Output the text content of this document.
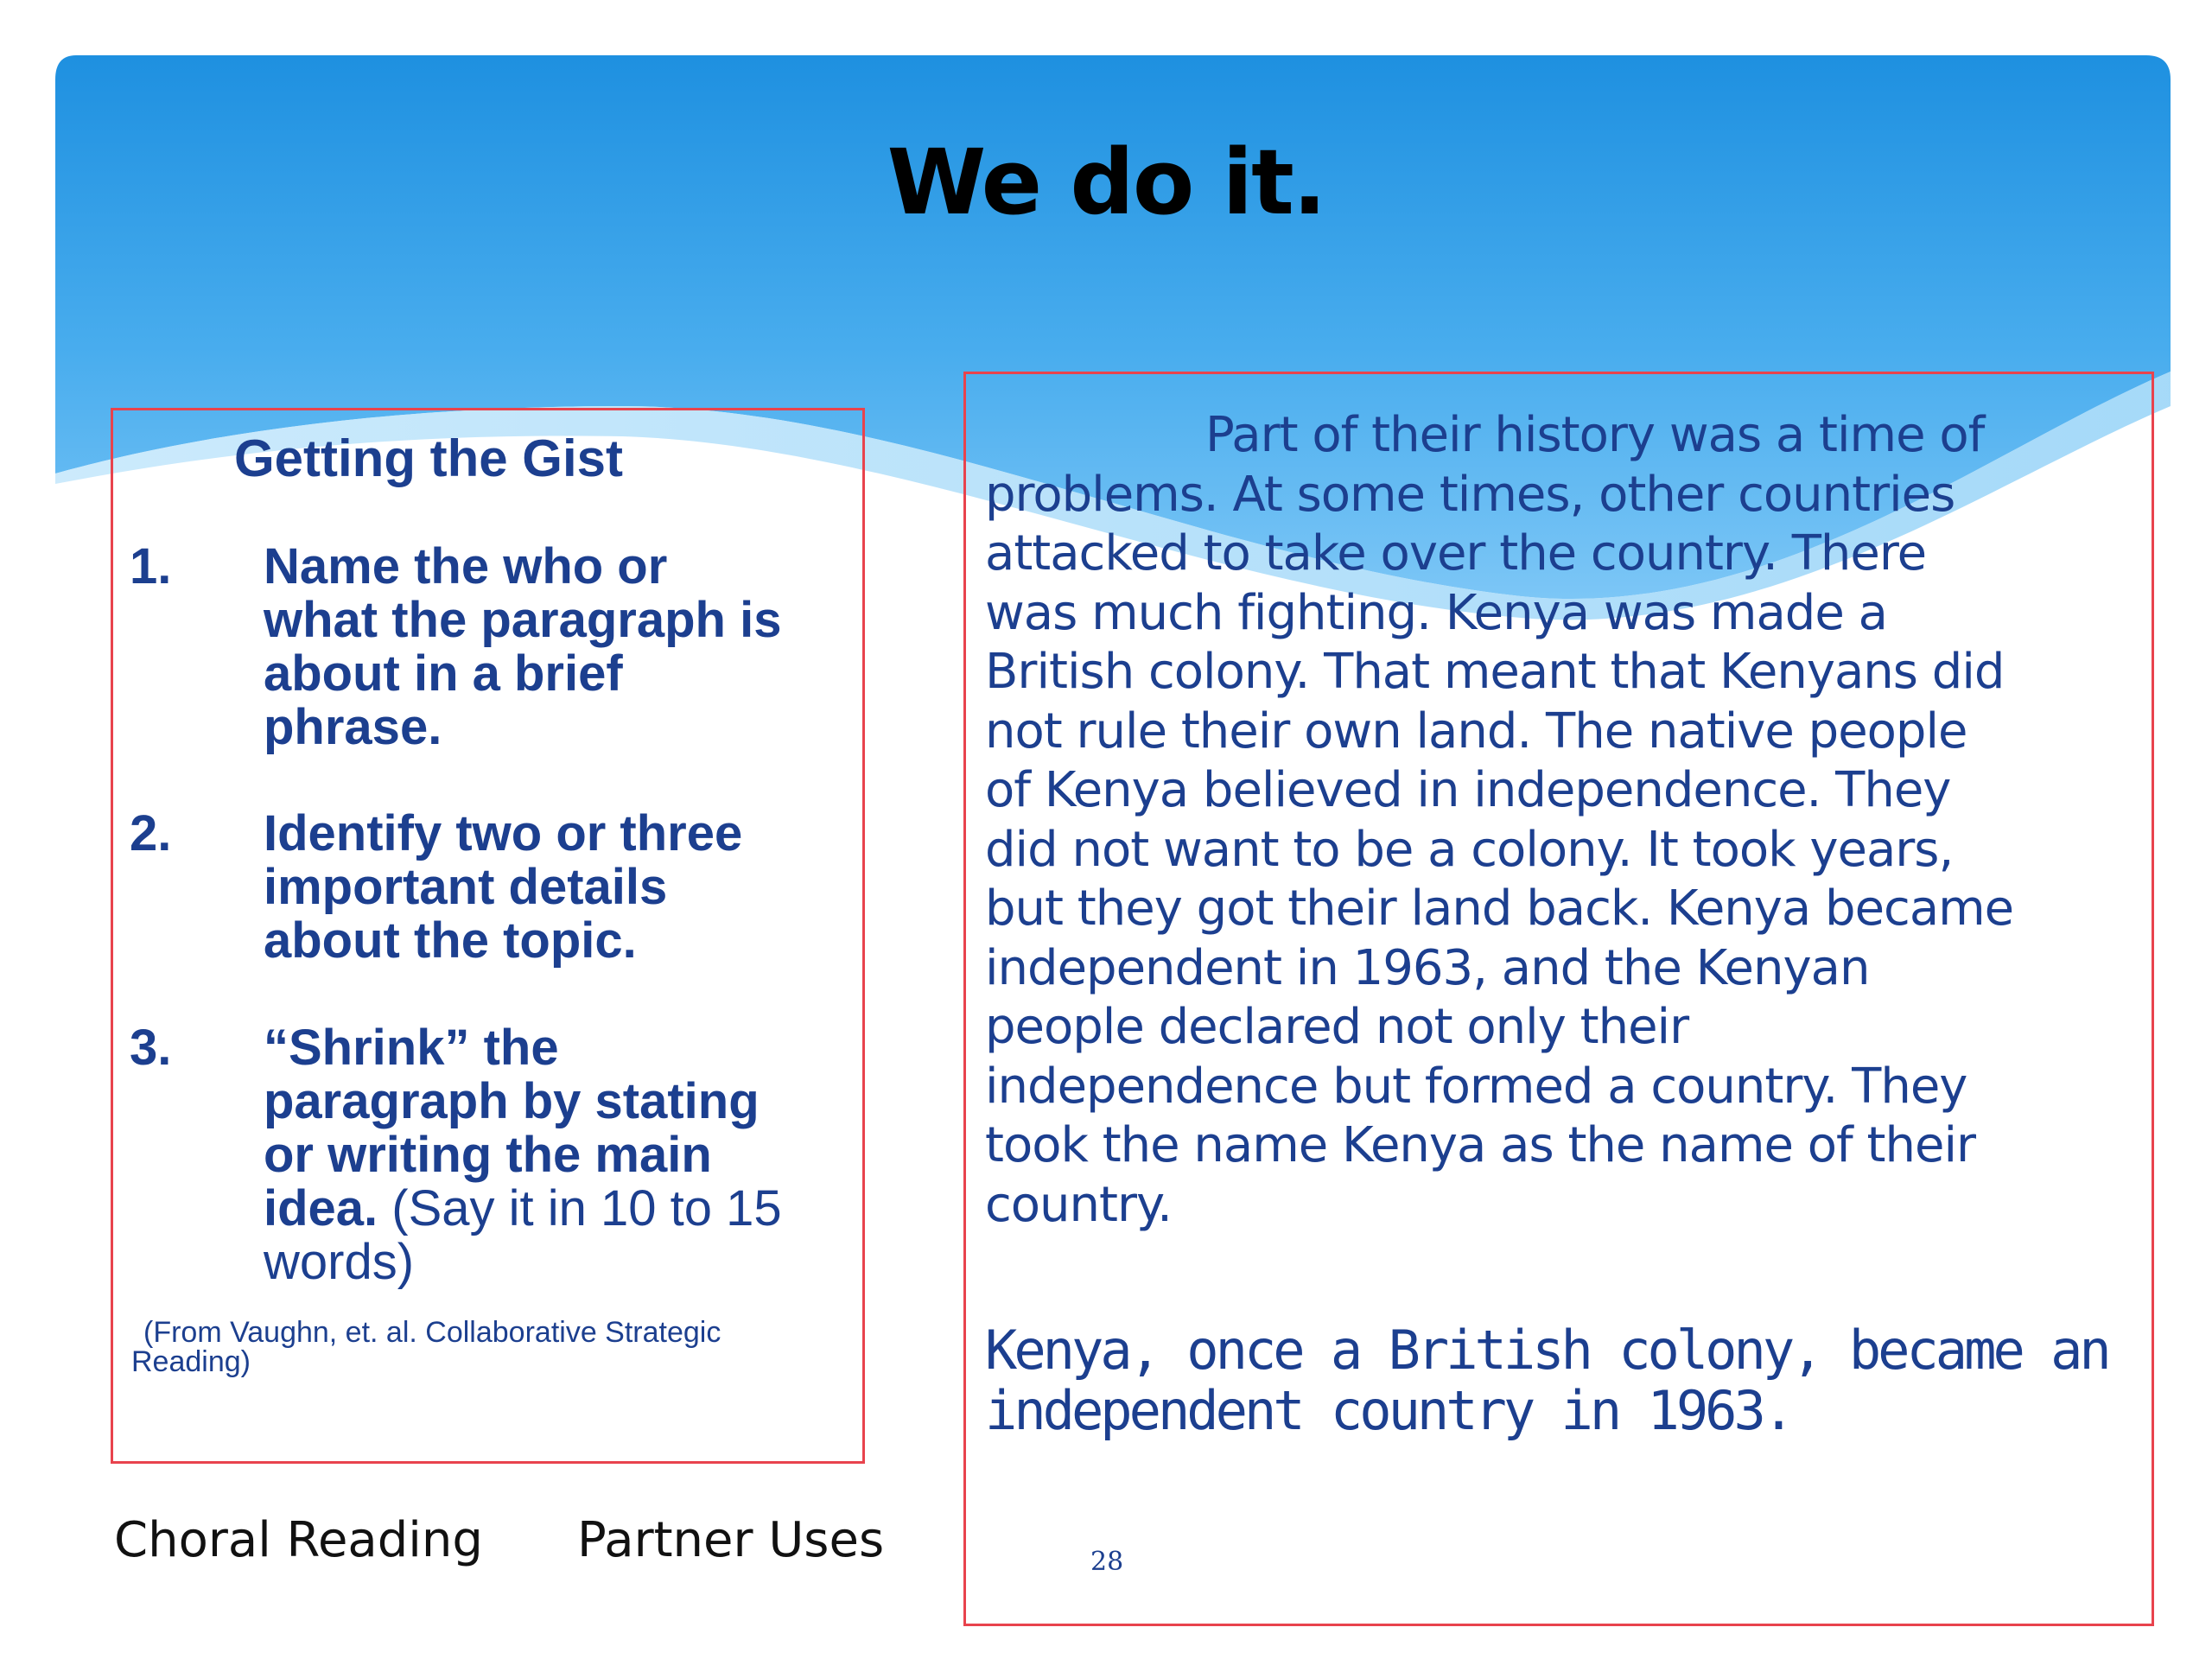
We do it.
Getting the Gist
1. Name the who or
what the paragraph is
about in a brief
phrase.
2. Identify two or three
important details
about the topic.
3. “Shrink” the
paragraph by stating
or writing the main
idea. (Say it in 10 to 15
words)
(From Vaughn, et. al. Collaborative Strategic
Reading)
Choral Reading Partner Uses
Part of their history was a time of
problems. At some times, other countries
attacked to take over the country. There
was much fighting. Kenya was made a
British colony. That meant that Kenyans did
not rule their own land. The native people
of Kenya believed in independence. They
did not want to be a colony. It took years,
but they got their land back. Kenya became
independent in 1963, and the Kenyan
people declared not only their
independence but formed a country. They
took the name Kenya as the name of their
country.
Kenya, once a British colony, became an
independent country in 1963.
28
